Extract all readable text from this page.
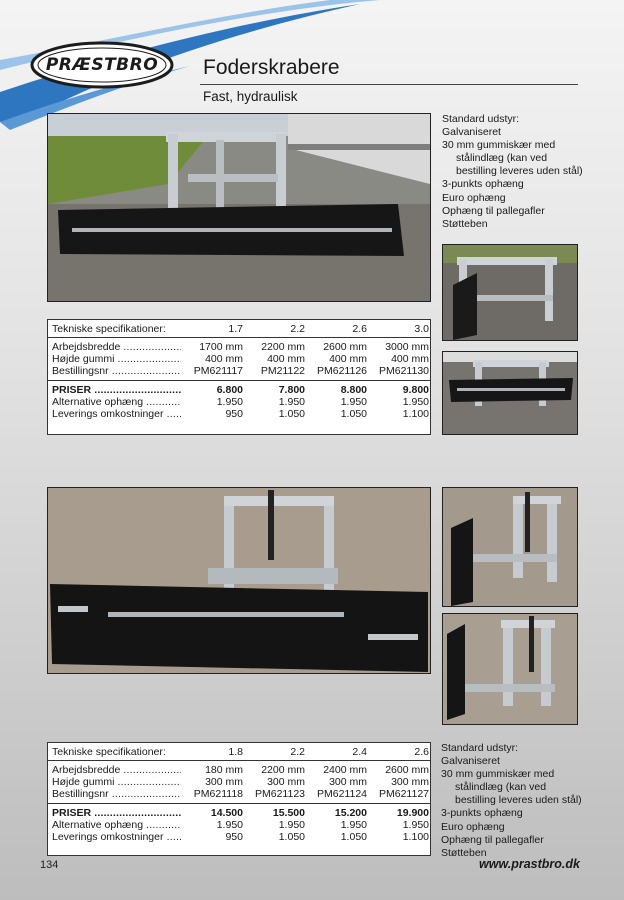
PRÆSTBRO	Foderskrabere
Fast, hydraulisk
Standard udstyr:
Galvaniseret
30 mm gummiskær med
stålindlæg (kan ved
bestilling leveres uden stål)
3-punkts ophæng
Euro ophæng
Ophæng til pallegafler
Støtteben
Tekniske specifikationer:	1.7	2.2	2.6	3.0
Arbejdsbredde .....	1700 mm	2200 mm	2600 mm	3000 mm
Højde gummi .....	400 mm	400 mm	400 mm	400 mm
Bestillingsnr .....	PM621117	PM21122	PM621126	PM621130
PRISER .....	6.800	7.800	8.800	9.800
Alternative ophæng .....	1.950	1.950	1.950	1.950
Leverings omkostninger .....	950	1.050	1.050	1.100
Tekniske specifikationer:	1.8	2.2	2.4	2.6
Arbejdsbredde .....	180 mm	2200 mm	2400 mm	2600 mm
Højde gummi .....	300 mm	300 mm	300 mm	300 mm
Bestillingsnr .....	PM621118	PM621123	PM621124	PM621127
PRISER .....	14.500	15.500	15.200	19.900
Alternative ophæng .....	1.950	1.950	1.950	1.950
Leverings omkostninger .....	950	1.050	1.050	1.100
Standard udstyr:
Galvaniseret
30 mm gummiskær med
stålindlæg (kan ved
bestilling leveres uden stål)
3-punkts ophæng
Euro ophæng
Ophæng til pallegafler
Støtteben
134	www.prastbro.dk
